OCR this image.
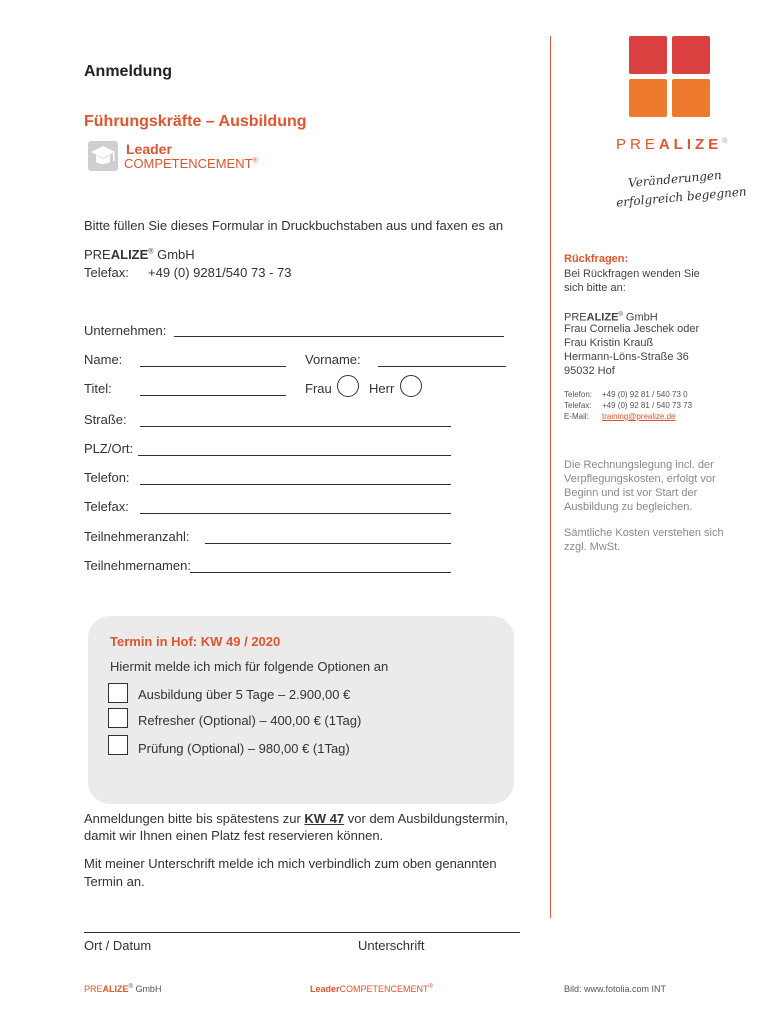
PREALIZE®
Veränderungen
erfolgreich begegnen
Anmeldung
Führungskräfte – Ausbildung
Leader
COMPETENCEMENT®
Bitte füllen Sie dieses Formular in Druckbuchstaben aus und faxen es an
PREALIZE® GmbH
Telefax: +49 (0) 9281/540 73 - 73
Unternehmen:
Name:	Vorname:
Titel:	Frau	Herr
Straße:
PLZ/Ort:
Telefon:
Telefax:
Teilnehmeranzahl:
Teilnehmernamen:
Termin in Hof: KW 49 / 2020
Hiermit melde ich mich für folgende Optionen an
Ausbildung über 5 Tage – 2.900,00 €
Refresher (Optional) – 400,00 € (1Tag)
Prüfung (Optional) – 980,00 € (1Tag)
Anmeldungen bitte bis spätestens zur KW 47 vor dem Ausbildungstermin,
damit wir Ihnen einen Platz fest reservieren können.
Mit meiner Unterschrift melde ich mich verbindlich zum oben genannten
Termin an.
Ort / Datum	Unterschrift
Rückfragen:
Bei Rückfragen wenden Sie
sich bitte an:
PREALIZE® GmbH
Frau Cornelia Jeschek oder
Frau Kristin Krauß
Hermann-Löns-Straße 36
95032 Hof
Telefon: +49 (0) 92 81 / 540 73 0
Telefax: +49 (0) 92 81 / 540 73 73
E-Mail: training@prealize.de
Die Rechnungslegung incl. der
Verpflegungskosten, erfolgt vor
Beginn und ist vor Start der
Ausbildung zu begleichen.
Sämtliche Kosten verstehen sich
zzgl. MwSt.
PREALIZE® GmbH	LeaderCOMPETENCEMENT®	Bild: www.fotolia.com INT
